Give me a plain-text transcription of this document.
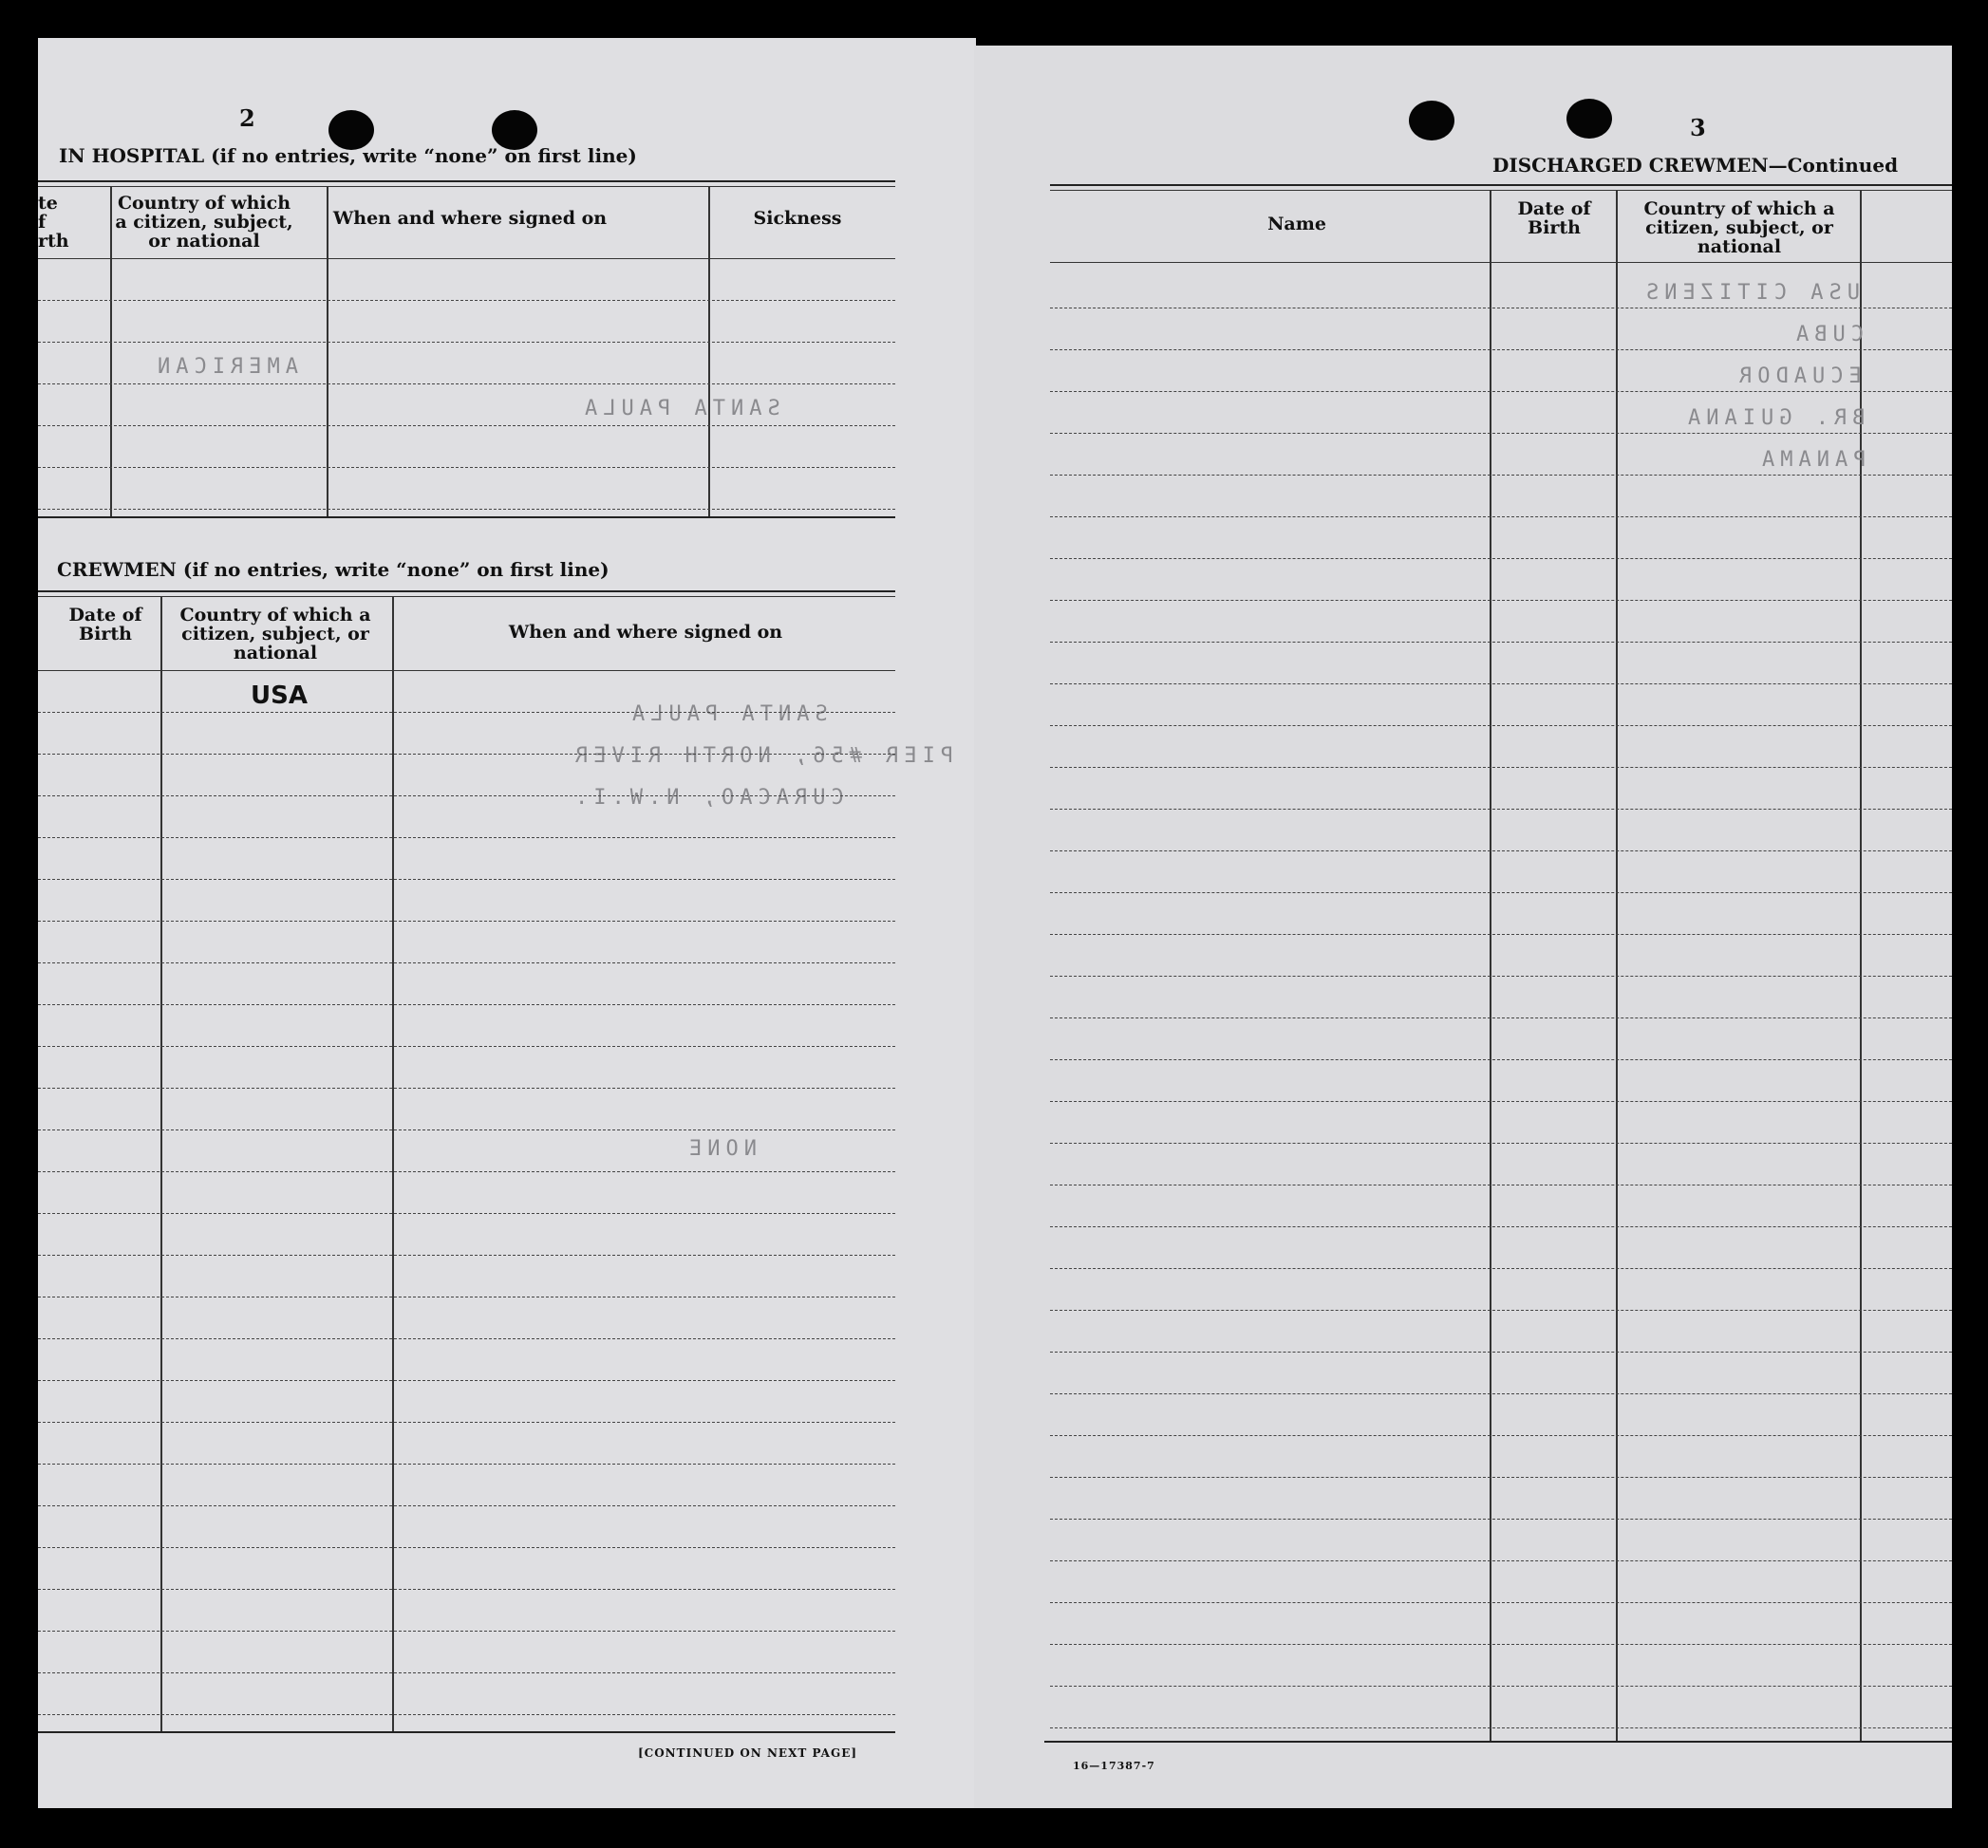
2
IN HOSPITAL (if no entries, write “none” on first line)
te
f
rth
Country of which a citizen, subject, or national
When and where signed on	Sickness
AMERICAN
SANTA PAULA
CREWMEN (if no entries, write “none” on first line)
Date of Birth
Country of which a citizen, subject, or national
When and where signed on
USA
SANTA PAULA
PIER #56, NORTH RIVER
CURACAO, N.W.I.
NONE
[CONTINUED ON NEXT PAGE]
3
DISCHARGED CREWMEN—Continued
Name
Date of Birth
Country of which a citizen, subject, or national
USA CITIZENS
CUBA
ECUADOR
BR. GUIANA
PANAMA
16—17387-7
